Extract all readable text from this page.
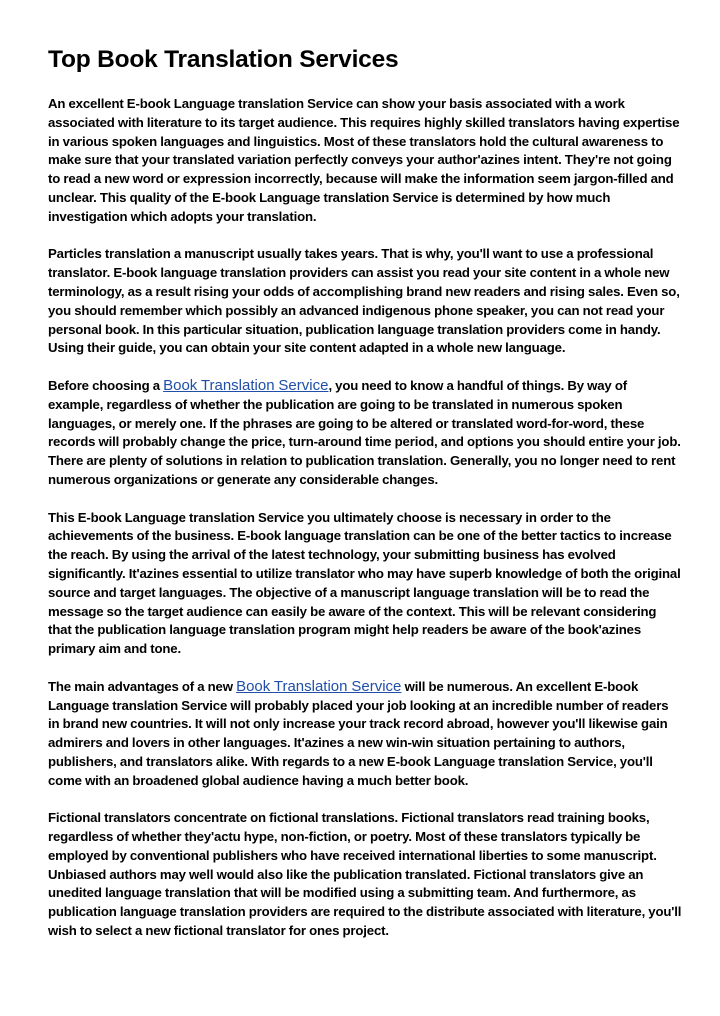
Top Book Translation Services

An excellent E-book Language translation Service can show your basis associated with a work associated with literature to its target audience. This requires highly skilled translators having expertise in various spoken languages and linguistics. Most of these translators hold the cultural awareness to make sure that your translated variation perfectly conveys your author'azines intent. They're not going to read a new word or expression incorrectly, because will make the information seem jargon-filled and unclear. This quality of the E-book Language translation Service is determined by how much investigation which adopts your translation.

Particles translation a manuscript usually takes years. That is why, you'll want to use a professional translator. E-book language translation providers can assist you read your site content in a whole new terminology, as a result rising your odds of accomplishing brand new readers and rising sales. Even so, you should remember which possibly an advanced indigenous phone speaker, you can not read your personal book. In this particular situation, publication language translation providers come in handy. Using their guide, you can obtain your site content adapted in a whole new language.

Before choosing a Book Translation Service, you need to know a handful of things. By way of example, regardless of whether the publication are going to be translated in numerous spoken languages, or merely one. If the phrases are going to be altered or translated word-for-word, these records will probably change the price, turn-around time period, and options you should entire your job. There are plenty of solutions in relation to publication translation. Generally, you no longer need to rent numerous organizations or generate any considerable changes.

This E-book Language translation Service you ultimately choose is necessary in order to the achievements of the business. E-book language translation can be one of the better tactics to increase the reach. By using the arrival of the latest technology, your submitting business has evolved significantly. It'azines essential to utilize translator who may have superb knowledge of both the original source and target languages. The objective of a manuscript language translation will be to read the message so the target audience can easily be aware of the context. This will be relevant considering that the publication language translation program might help readers be aware of the book'azines primary aim and tone.

The main advantages of a new Book Translation Service will be numerous. An excellent E-book Language translation Service will probably placed your job looking at an incredible number of readers in brand new countries. It will not only increase your track record abroad, however you'll likewise gain admirers and lovers in other languages. It'azines a new win-win situation pertaining to authors, publishers, and translators alike. With regards to a new E-book Language translation Service, you'll come with an broadened global audience having a much better book.

Fictional translators concentrate on fictional translations. Fictional translators read training books, regardless of whether they'actu hype, non-fiction, or poetry. Most of these translators typically be employed by conventional publishers who have received international liberties to some manuscript. Unbiased authors may well would also like the publication translated. Fictional translators give an unedited language translation that will be modified using a submitting team. And furthermore, as publication language translation providers are required to the distribute associated with literature, you'll wish to select a new fictional translator for ones project.
